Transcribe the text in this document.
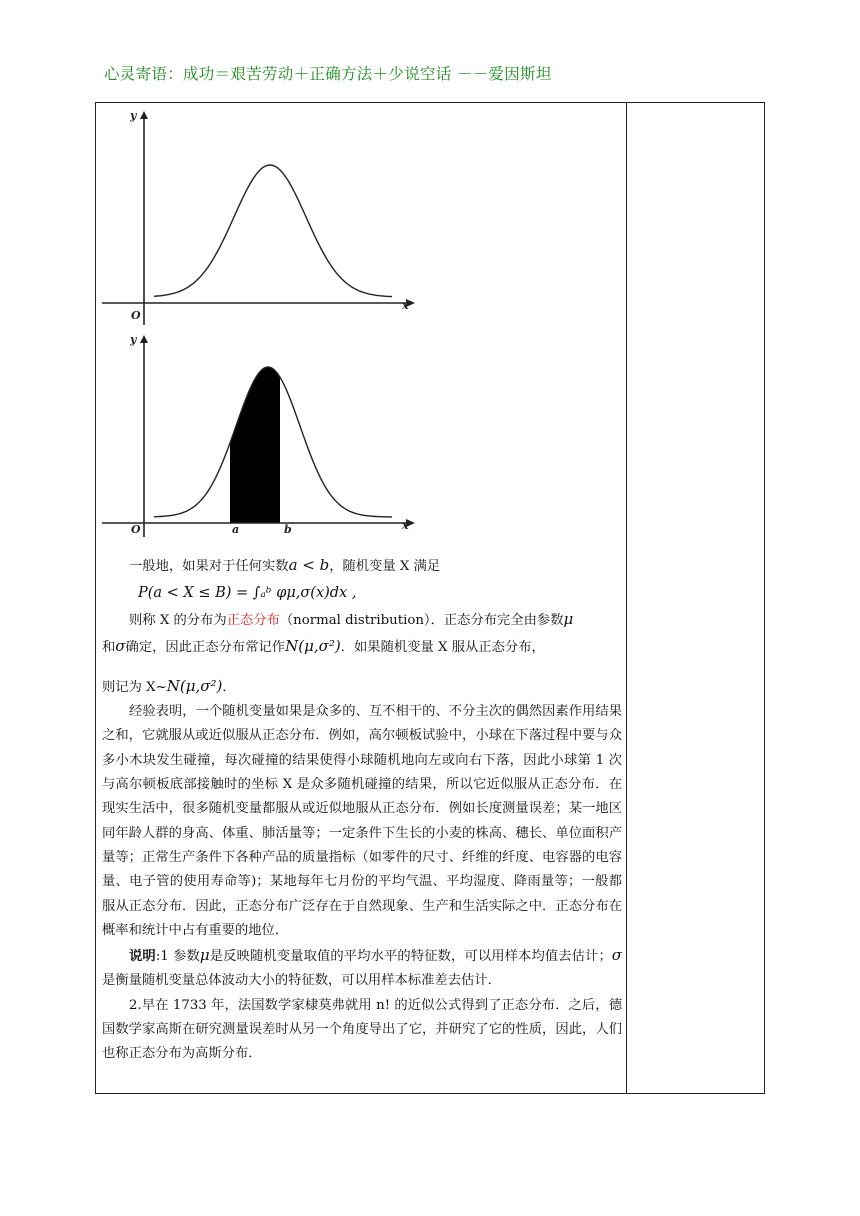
心灵寄语：成功＝艰苦劳动＋正确方法＋少说空话 －－爱因斯坦
y
x
O
y
x
O	a	b

一般地，如果对于任何实数a < b，随机变量 X 满足

P(a < X ≤ B) = ∫ₐᵇ φμ,σ(x)dx ,

则称 X 的分布为正态分布（normal distribution）．正态分布完全由参数μ

和σ确定，因此正态分布常记作N(μ,σ²)．如果随机变量 X 服从正态分布，

则记为 X~N(μ,σ²)．

经验表明，一个随机变量如果是众多的、互不相干的、不分主次的偶然因素作用结果之和，它就服从或近似服从正态分布．例如，高尔顿板试验中，小球在下落过程中要与众多小木块发生碰撞，每次碰撞的结果使得小球随机地向左或向右下落，因此小球第 1 次与高尔顿板底部接触时的坐标 X 是众多随机碰撞的结果，所以它近似服从正态分布．在现实生活中，很多随机变量都服从或近似地服从正态分布．例如长度测量误差；某一地区同年龄人群的身高、体重、肺活量等；一定条件下生长的小麦的株高、穗长、单位面积产量等；正常生产条件下各种产品的质量指标（如零件的尺寸、纤维的纤度、电容器的电容量、电子管的使用寿命等)；某地每年七月份的平均气温、平均湿度、降雨量等；一般都服从正态分布．因此，正态分布广泛存在于自然现象、生产和生活实际之中．正态分布在概率和统计中占有重要的地位．

说明:1 参数μ是反映随机变量取值的平均水平的特征数，可以用样本均值去估计；σ是衡量随机变量总体波动大小的特征数，可以用样本标准差去估计．

2.早在 1733 年，法国数学家棣莫弗就用 n! 的近似公式得到了正态分布．之后，德国数学家高斯在研究测量误差时从另一个角度导出了它，并研究了它的性质，因此，人们也称正态分布为高斯分布．
